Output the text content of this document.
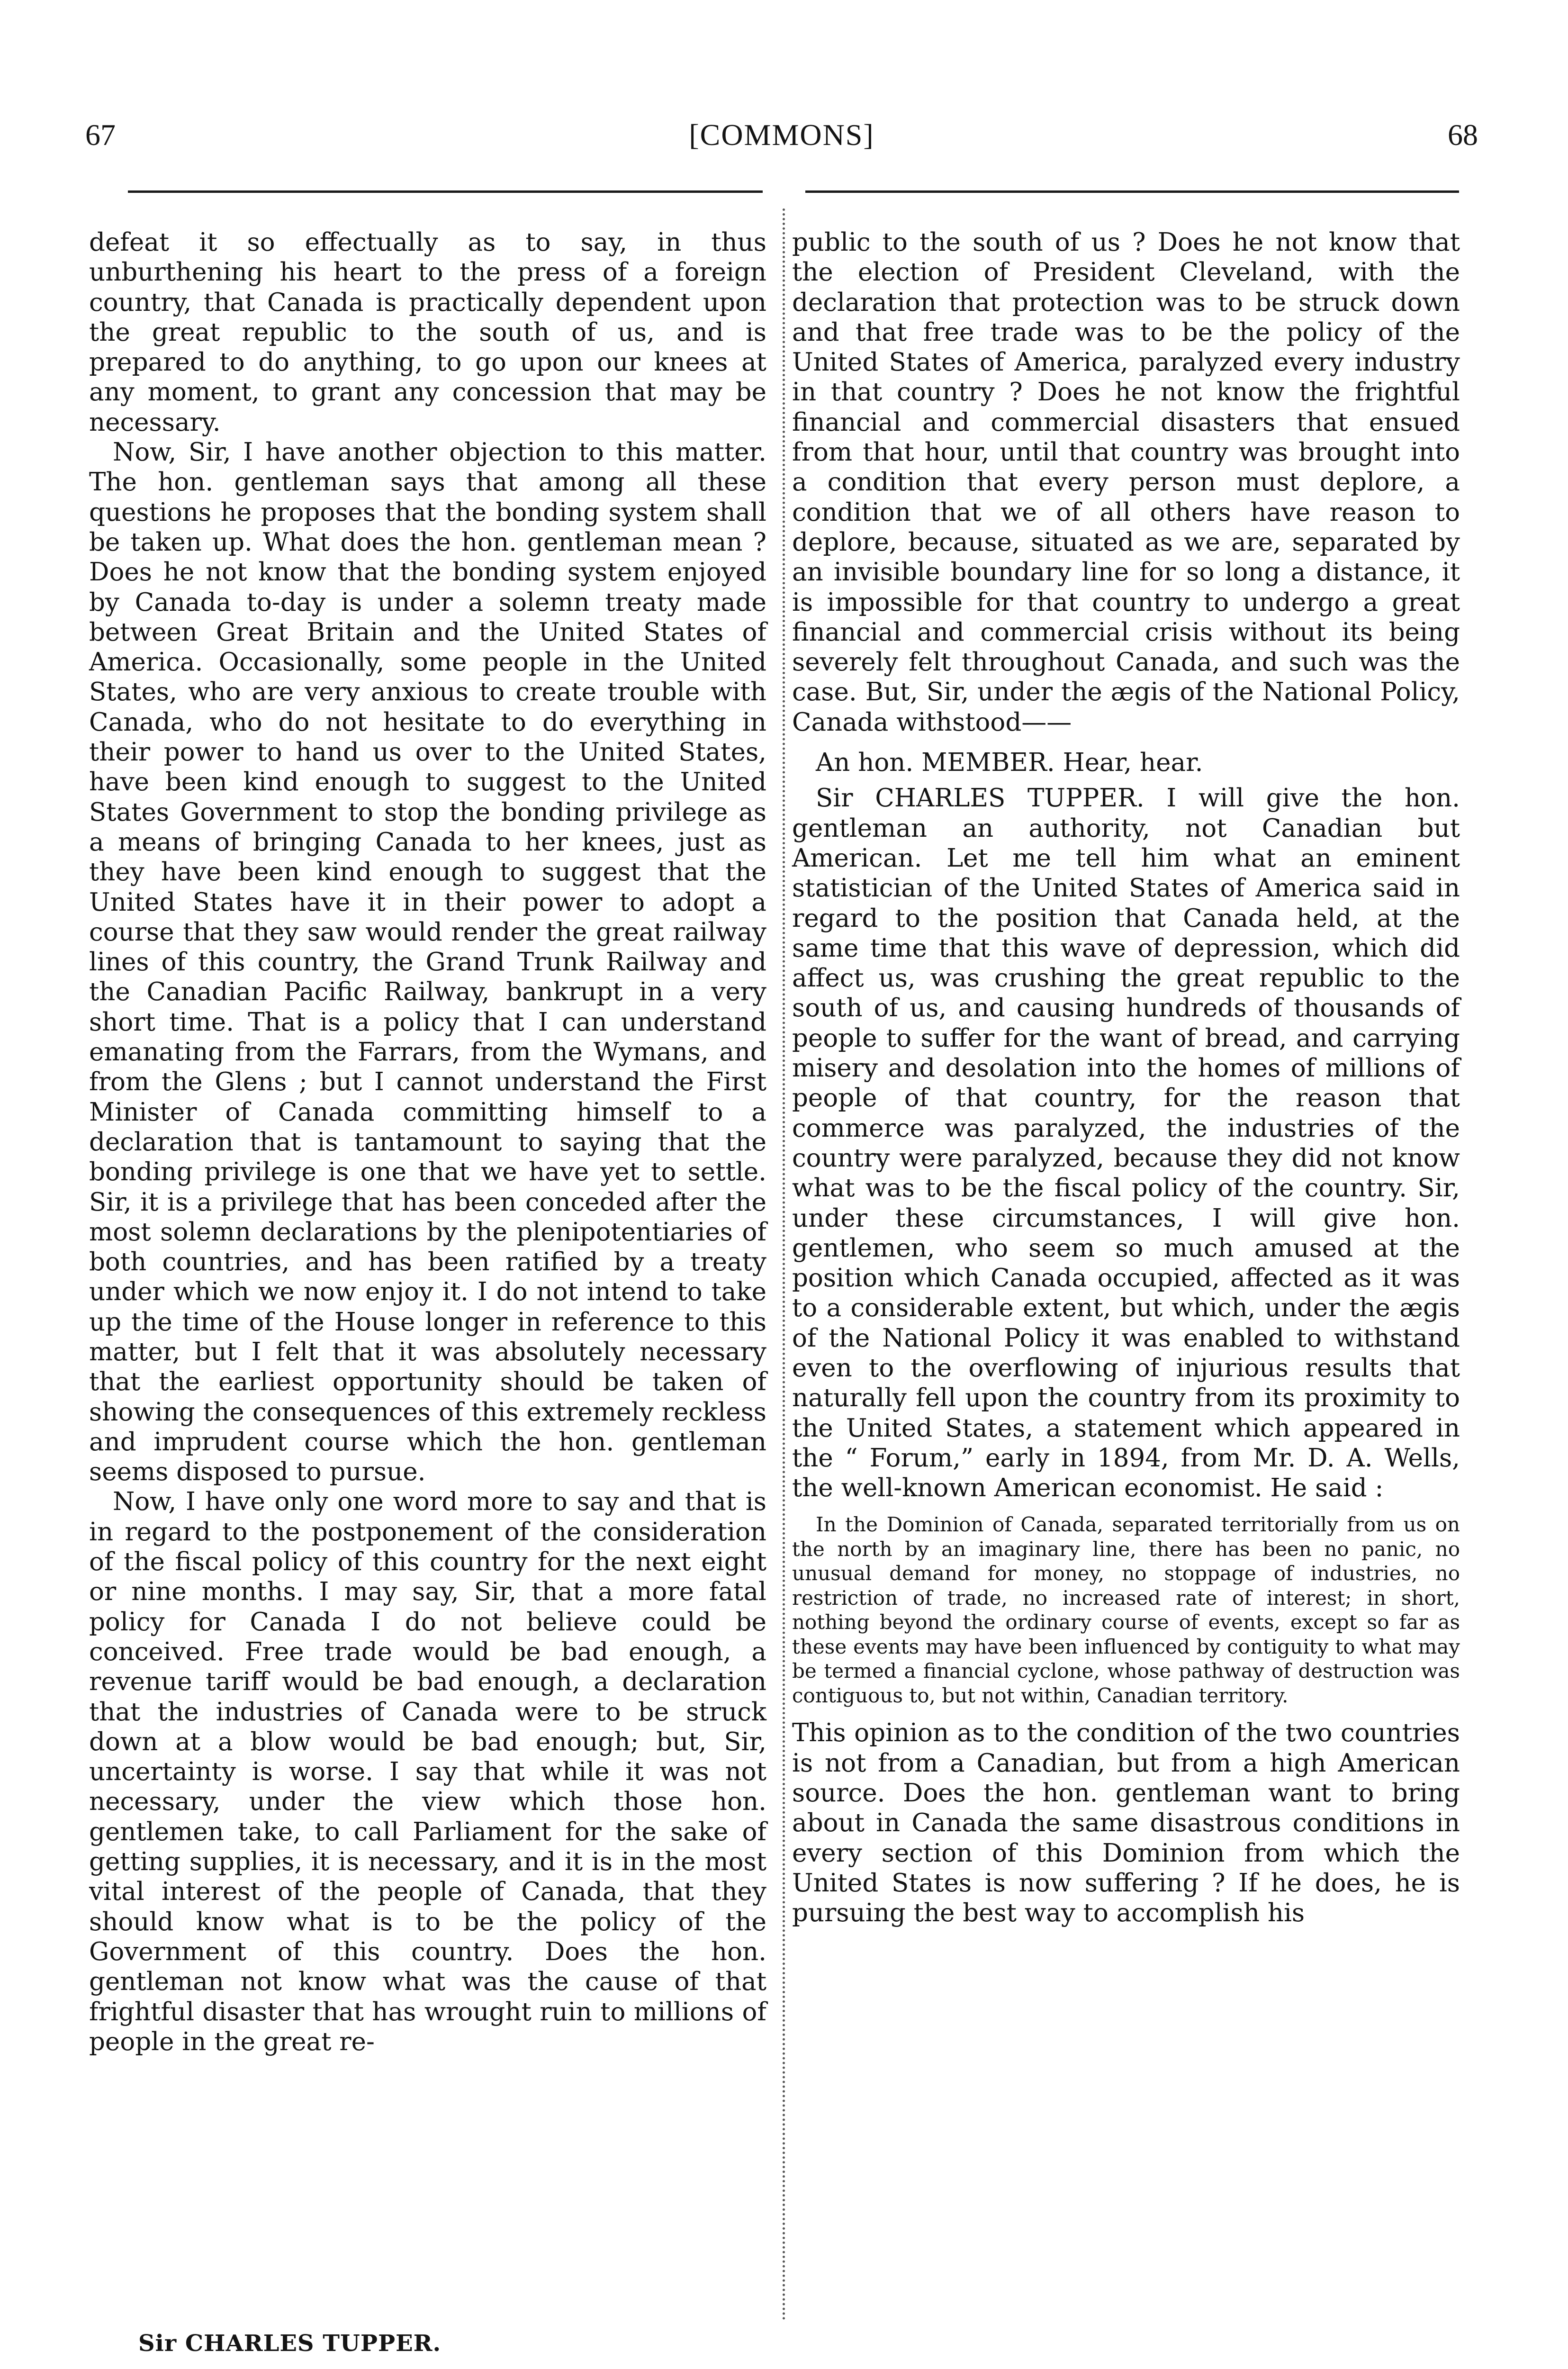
67	[COMMONS]	68

defeat it so effectually as to say, in thus unburthening his heart to the press of a foreign country, that Canada is practically dependent upon the great republic to the south of us, and is prepared to do anything, to go upon our knees at any moment, to grant any concession that may be necessary.

Now, Sir, I have another objection to this matter. The hon. gentleman says that among all these questions he proposes that the bonding system shall be taken up. What does the hon. gentleman mean ? Does he not know that the bonding system enjoyed by Canada to-day is under a solemn treaty made between Great Britain and the United States of America. Occasionally, some people in the United States, who are very anxious to create trouble with Canada, who do not hesitate to do everything in their power to hand us over to the United States, have been kind enough to suggest to the United States Government to stop the bonding privilege as a means of bringing Canada to her knees, just as they have been kind enough to suggest that the United States have it in their power to adopt a course that they saw would render the great railway lines of this country, the Grand Trunk Railway and the Canadian Pacific Railway, bankrupt in a very short time. That is a policy that I can understand emanating from the Farrars, from the Wymans, and from the Glens ; but I cannot understand the First Minister of Canada committing himself to a declaration that is tantamount to saying that the bonding privilege is one that we have yet to settle. Sir, it is a privilege that has been conceded after the most solemn declarations by the plenipotentiaries of both countries, and has been ratified by a treaty under which we now enjoy it. I do not intend to take up the time of the House longer in reference to this matter, but I felt that it was absolutely necessary that the earliest opportunity should be taken of showing the consequences of this extremely reckless and imprudent course which the hon. gentleman seems disposed to pursue.

Now, I have only one word more to say and that is in regard to the postponement of the consideration of the fiscal policy of this country for the next eight or nine months. I may say, Sir, that a more fatal policy for Canada I do not believe could be conceived. Free trade would be bad enough, a revenue tariff would be bad enough, a declaration that the industries of Canada were to be struck down at a blow would be bad enough; but, Sir, uncertainty is worse. I say that while it was not necessary, under the view which those hon. gentlemen take, to call Parliament for the sake of getting supplies, it is necessary, and it is in the most vital interest of the people of Canada, that they should know what is to be the policy of the Government of this country. Does the hon. gentleman not know what was the cause of that frightful disaster that has wrought ruin to millions of people in the great re-

Sir CHARLES TUPPER.

public to the south of us ? Does he not know that the election of President Cleveland, with the declaration that protection was to be struck down and that free trade was to be the policy of the United States of America, paralyzed every industry in that country ? Does he not know the frightful financial and commercial disasters that ensued from that hour, until that country was brought into a condition that every person must deplore, a condition that we of all others have reason to deplore, because, situated as we are, separated by an invisible boundary line for so long a distance, it is impossible for that country to undergo a great financial and commercial crisis without its being severely felt throughout Canada, and such was the case. But, Sir, under the ægis of the National Policy, Canada withstood——

An hon. MEMBER. Hear, hear.

Sir CHARLES TUPPER. I will give the hon. gentleman an authority, not Canadian but American. Let me tell him what an eminent statistician of the United States of America said in regard to the position that Canada held, at the same time that this wave of depression, which did affect us, was crushing the great republic to the south of us, and causing hundreds of thousands of people to suffer for the want of bread, and carrying misery and desolation into the homes of millions of people of that country, for the reason that commerce was paralyzed, the industries of the country were paralyzed, because they did not know what was to be the fiscal policy of the country. Sir, under these circumstances, I will give hon. gentlemen, who seem so much amused at the position which Canada occupied, affected as it was to a considerable extent, but which, under the ægis of the National Policy it was enabled to withstand even to the overflowing of injurious results that naturally fell upon the country from its proximity to the United States, a statement which appeared in the “ Forum,” early in 1894, from Mr. D. A. Wells, the well-known American economist. He said :

In the Dominion of Canada, separated territorially from us on the north by an imaginary line, there has been no panic, no unusual demand for money, no stoppage of industries, no restriction of trade, no increased rate of interest; in short, nothing beyond the ordinary course of events, except so far as these events may have been influenced by contiguity to what may be termed a financial cyclone, whose pathway of destruction was contiguous to, but not within, Canadian territory.

This opinion as to the condition of the two countries is not from a Canadian, but from a high American source. Does the hon. gentleman want to bring about in Canada the same disastrous conditions in every section of this Dominion from which the United States is now suffering ? If he does, he is pursuing the best way to accomplish his
